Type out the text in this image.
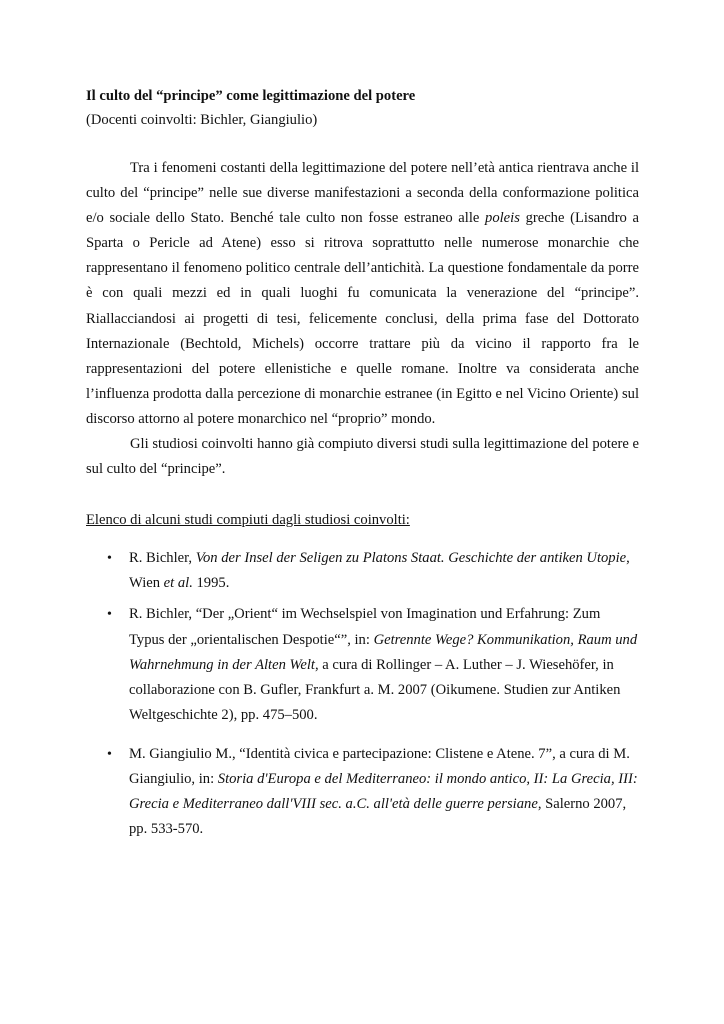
Il culto del “principe” come legittimazione del potere
(Docenti coinvolti: Bichler, Giangiulio)
Tra i fenomeni costanti della legittimazione del potere nell’età antica rientrava anche il culto del “principe” nelle sue diverse manifestazioni a seconda della conformazione politica e/o sociale dello Stato. Benché tale culto non fosse estraneo alle poleis greche (Lisandro a Sparta o Pericle ad Atene) esso si ritrova soprattutto nelle numerose monarchie che rappresentano il fenomeno politico centrale dell’antichità. La questione fondamentale da porre è con quali mezzi ed in quali luoghi fu comunicata la venerazione del “principe”. Riallacciandosi ai progetti di tesi, felicemente conclusi, della prima fase del Dottorato Internazionale (Bechtold, Michels) occorre trattare più da vicino il rapporto fra le rappresentazioni del potere ellenistiche e quelle romane. Inoltre va considerata anche l’influenza prodotta dalla percezione di monarchie estranee (in Egitto e nel Vicino Oriente) sul discorso attorno al potere monarchico nel “proprio” mondo.
Gli studiosi coinvolti hanno già compiuto diversi studi sulla legittimazione del potere e sul culto del “principe”.
Elenco di alcuni studi compiuti dagli studiosi coinvolti:
• R. Bichler, Von der Insel der Seligen zu Platons Staat. Geschichte der antiken Utopie, Wien et al. 1995.
• R. Bichler, “Der „Orient“ im Wechselspiel von Imagination und Erfahrung: Zum Typus der „orientalischen Despotie“”, in: Getrennte Wege? Kommunikation, Raum und Wahrnehmung in der Alten Welt, a cura di Rollinger – A. Luther – J. Wiesehöfer, in collaborazione con B. Gufler, Frankfurt a. M. 2007 (Oikumene. Studien zur Antiken Weltgeschichte 2), pp. 475–500.
• M. Giangiulio M., “Identità civica e partecipazione: Clistene e Atene. 7”, a cura di M. Giangiulio, in: Storia d'Europa e del Mediterraneo: il mondo antico, II: La Grecia, III: Grecia e Mediterraneo dall'VIII sec. a.C. all'età delle guerre persiane, Salerno 2007, pp. 533-570.
